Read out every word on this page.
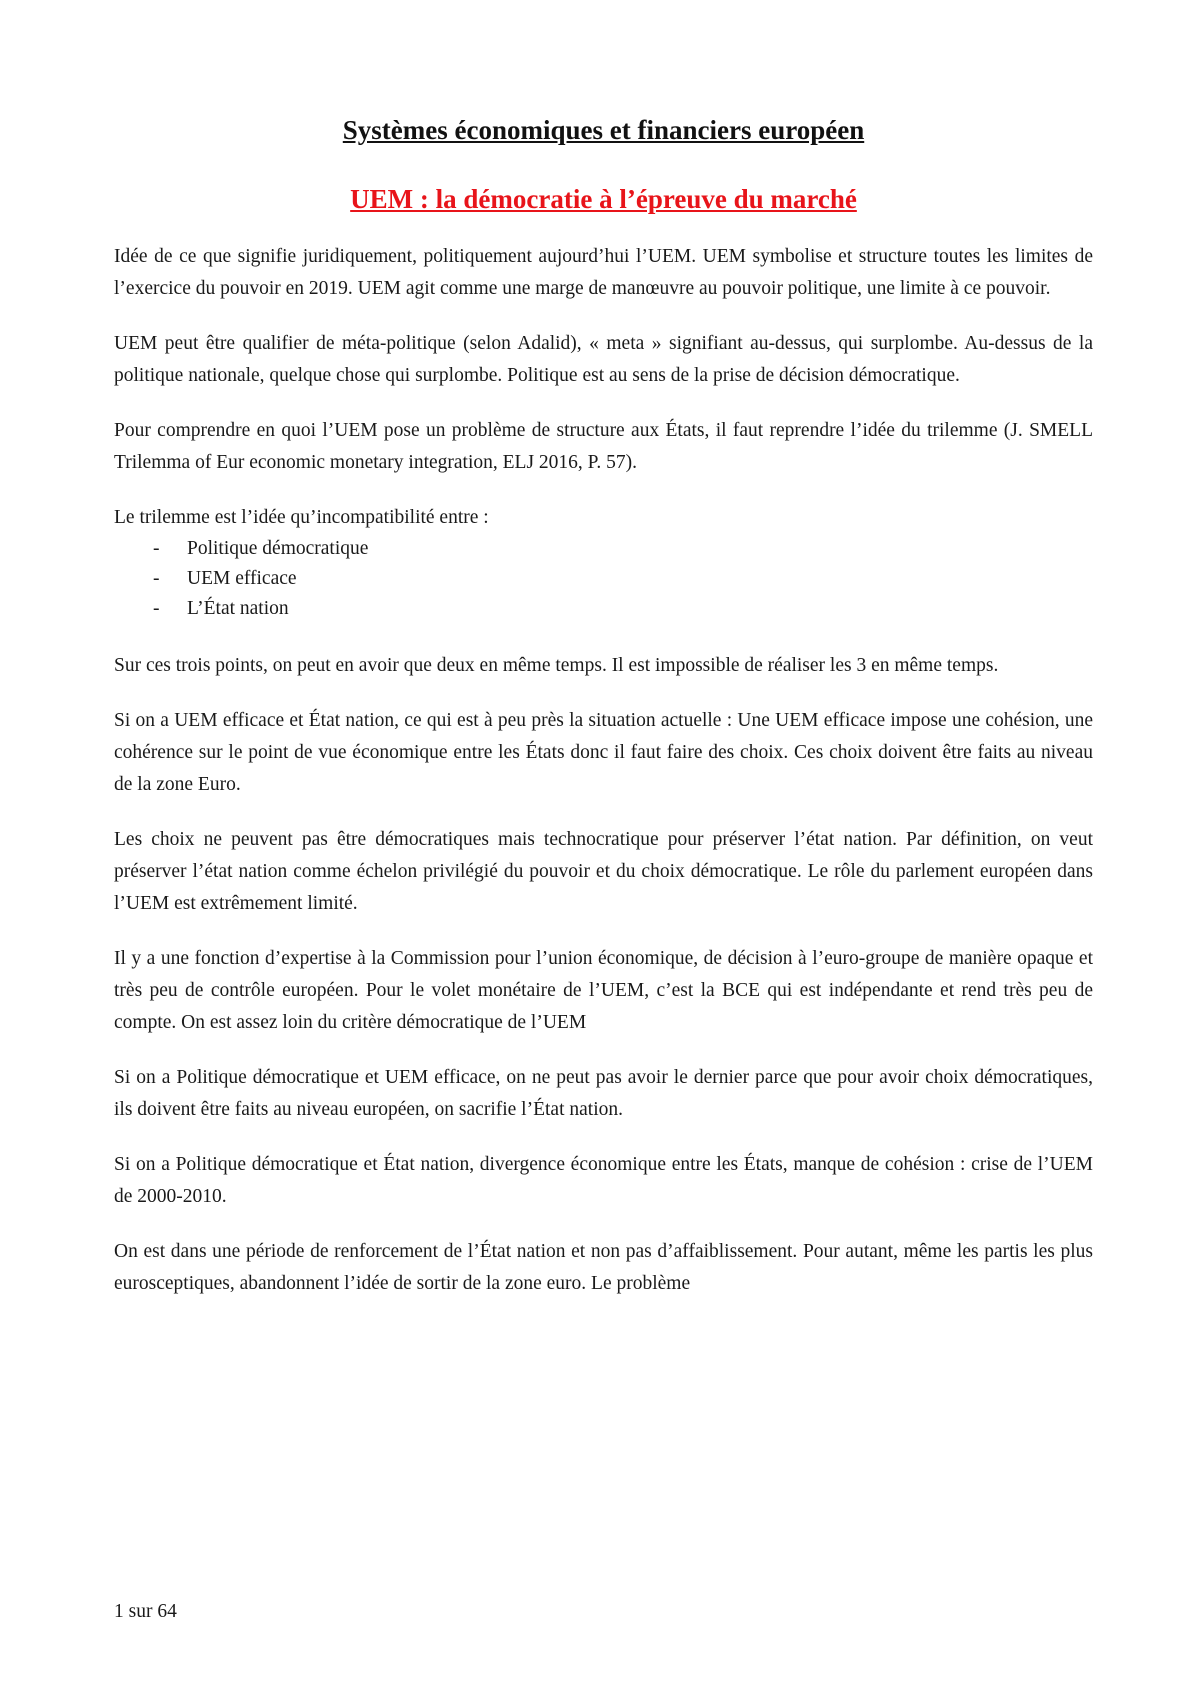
Systèmes économiques et financiers européen
UEM : la démocratie à l’épreuve du marché

Idée de ce que signifie juridiquement, politiquement aujourd’hui l’UEM. UEM symbolise et structure toutes les limites de l’exercice du pouvoir en 2019. UEM agit comme une marge de manœuvre au pouvoir politique, une limite à ce pouvoir.

UEM peut être qualifier de méta-politique (selon Adalid), « meta » signifiant au-dessus, qui surplombe. Au-dessus de la politique nationale, quelque chose qui surplombe. Politique est au sens de la prise de décision démocratique.

Pour comprendre en quoi l’UEM pose un problème de structure aux États, il faut reprendre l’idée du trilemme (J. SMELL Trilemma of Eur economic monetary integration, ELJ 2016, P. 57).

Le trilemme est l’idée qu’incompatibilité entre :

- Politique démocratique
- UEM efficace
- L’État nation

Sur ces trois points, on peut en avoir que deux en même temps. Il est impossible de réaliser les 3 en même temps.

Si on a UEM efficace et État nation, ce qui est à peu près la situation actuelle : Une UEM efficace impose une cohésion, une cohérence sur le point de vue économique entre les États donc il faut faire des choix. Ces choix doivent être faits au niveau de la zone Euro.

Les choix ne peuvent pas être démocratiques mais technocratique pour préserver l’état nation. Par définition, on veut préserver l’état nation comme échelon privilégié du pouvoir et du choix démocratique. Le rôle du parlement européen dans l’UEM est extrêmement limité.

Il y a une fonction d’expertise à la Commission pour l’union économique, de décision à l’euro-groupe de manière opaque et très peu de contrôle européen. Pour le volet monétaire de l’UEM, c’est la BCE qui est indépendante et rend très peu de compte. On est assez loin du critère démocratique de l’UEM

Si on a Politique démocratique et UEM efficace, on ne peut pas avoir le dernier parce que pour avoir choix démocratiques, ils doivent être faits au niveau européen, on sacrifie l’État nation.

Si on a Politique démocratique et État nation, divergence économique entre les États, manque de cohésion : crise de l’UEM de 2000-2010.

On est dans une période de renforcement de l’État nation et non pas d’affaiblissement. Pour autant, même les partis les plus eurosceptiques, abandonnent l’idée de sortir de la zone euro. Le problème

1 sur 64
